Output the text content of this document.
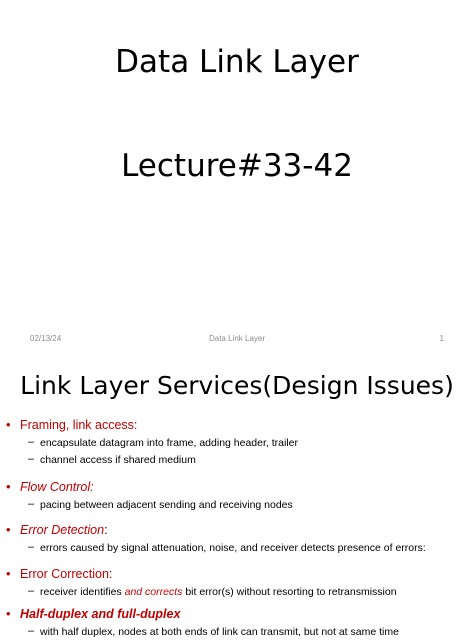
Data Link Layer
Lecture#33-42
02/13/24	Data Link Layer	1
Link Layer Services(Design Issues)
• Framing, link access:
– encapsulate datagram into frame, adding header, trailer
– channel access if shared medium
• Flow Control:
– pacing between adjacent sending and receiving nodes
• Error Detection:
– errors caused by signal attenuation, noise, and receiver detects presence of errors:
• Error Correction:
– receiver identifies and corrects bit error(s) without resorting to retransmission
• Half-duplex and full-duplex
– with half duplex, nodes at both ends of link can transmit, but not at same time
